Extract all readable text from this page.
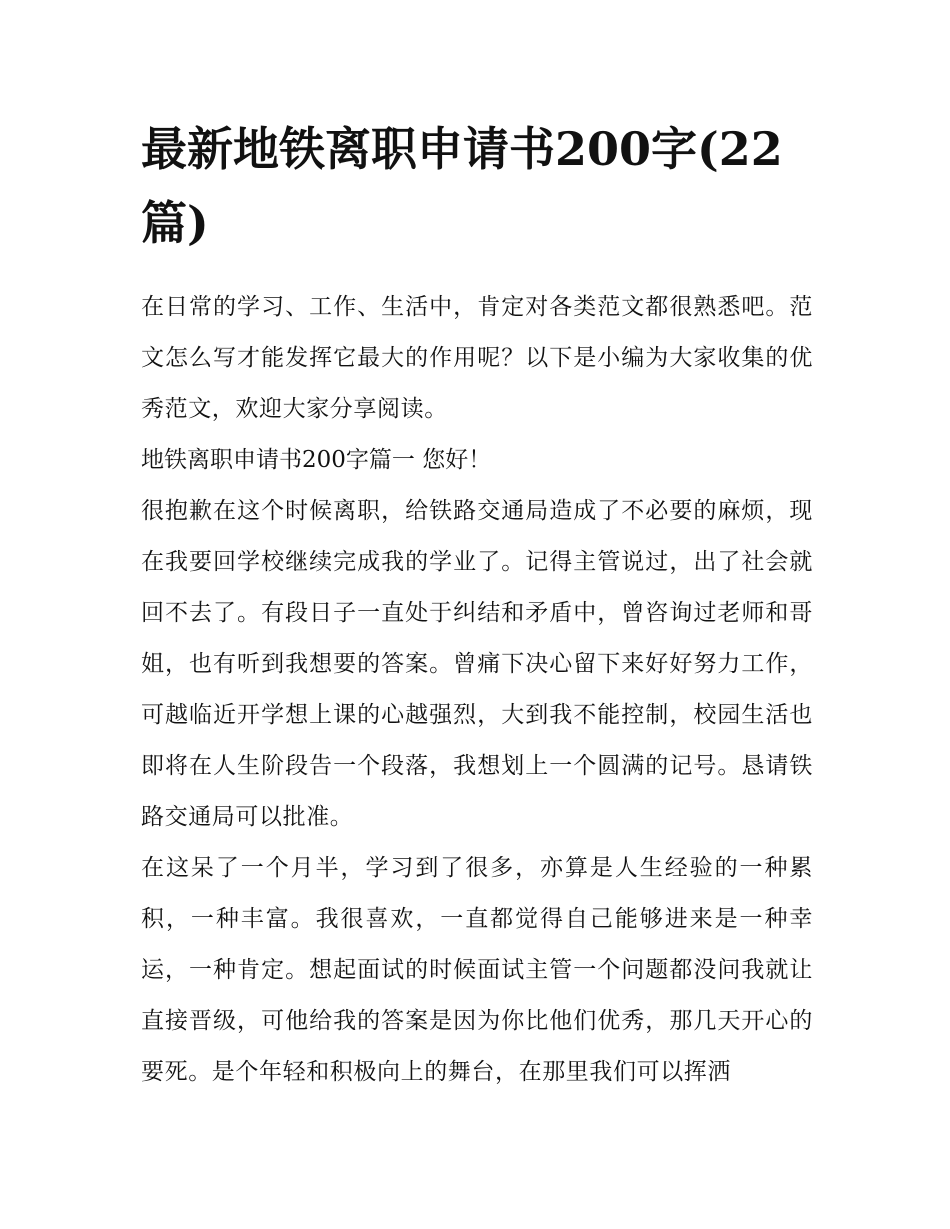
最新地铁离职申请书200字(22篇)

在日常的学习、工作、生活中，肯定对各类范文都很熟悉吧。范文怎么写才能发挥它最大的作用呢？以下是小编为大家收集的优秀范文，欢迎大家分享阅读。

地铁离职申请书200字篇一 您好！

很抱歉在这个时候离职，给铁路交通局造成了不必要的麻烦，现在我要回学校继续完成我的学业了。记得主管说过，出了社会就回不去了。有段日子一直处于纠结和矛盾中，曾咨询过老师和哥姐，也有听到我想要的答案。曾痛下决心留下来好好努力工作，可越临近开学想上课的心越强烈，大到我不能控制，校园生活也即将在人生阶段告一个段落，我想划上一个圆满的记号。恳请铁路交通局可以批准。

在这呆了一个月半，学习到了很多，亦算是人生经验的一种累积，一种丰富。我很喜欢，一直都觉得自己能够进来是一种幸运，一种肯定。想起面试的时候面试主管一个问题都没问我就让直接晋级，可他给我的答案是因为你比他们优秀，那几天开心的要死。是个年轻和积极向上的舞台，在那里我们可以挥洒
